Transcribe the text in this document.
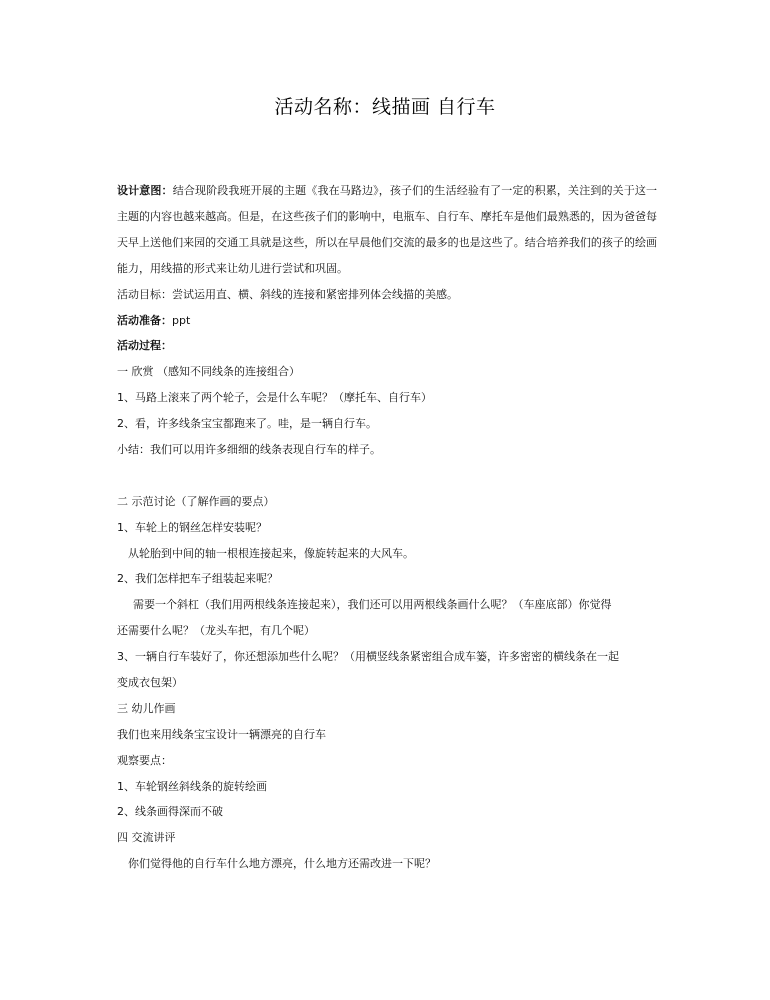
活动名称：线描画 自行车

设计意图：结合现阶段我班开展的主题《我在马路边》，孩子们的生活经验有了一定的积累，关注到的关于这一主题的内容也越来越高。但是，在这些孩子们的影响中，电瓶车、自行车、摩托车是他们最熟悉的，因为爸爸每天早上送他们来园的交通工具就是这些，所以在早晨他们交流的最多的也是这些了。结合培养我们的孩子的绘画能力，用线描的形式来让幼儿进行尝试和巩固。

活动目标：尝试运用直、横、斜线的连接和紧密排列体会线描的美感。

活动准备：ppt

活动过程：

一 欣赏 （感知不同线条的连接组合）

1、马路上滚来了两个轮子，会是什么车呢？（摩托车、自行车）

2、看，许多线条宝宝都跑来了。哇，是一辆自行车。

小结：我们可以用许多细细的线条表现自行车的样子。

二 示范讨论（了解作画的要点）

1、车轮上的钢丝怎样安装呢？

从轮胎到中间的轴一根根连接起来，像旋转起来的大风车。

2、我们怎样把车子组装起来呢？

需要一个斜杠（我们用两根线条连接起来），我们还可以用两根线条画什么呢？（车座底部）你觉得

还需要什么呢？（龙头车把，有几个呢）

3、一辆自行车装好了，你还想添加些什么呢？（用横竖线条紧密组合成车篓，许多密密的横线条在一起

变成衣包架）

三 幼儿作画

我们也来用线条宝宝设计一辆漂亮的自行车

观察要点：

1、车轮钢丝斜线条的旋转绘画

2、线条画得深而不破

四 交流讲评

你们觉得他的自行车什么地方漂亮，什么地方还需改进一下呢？
